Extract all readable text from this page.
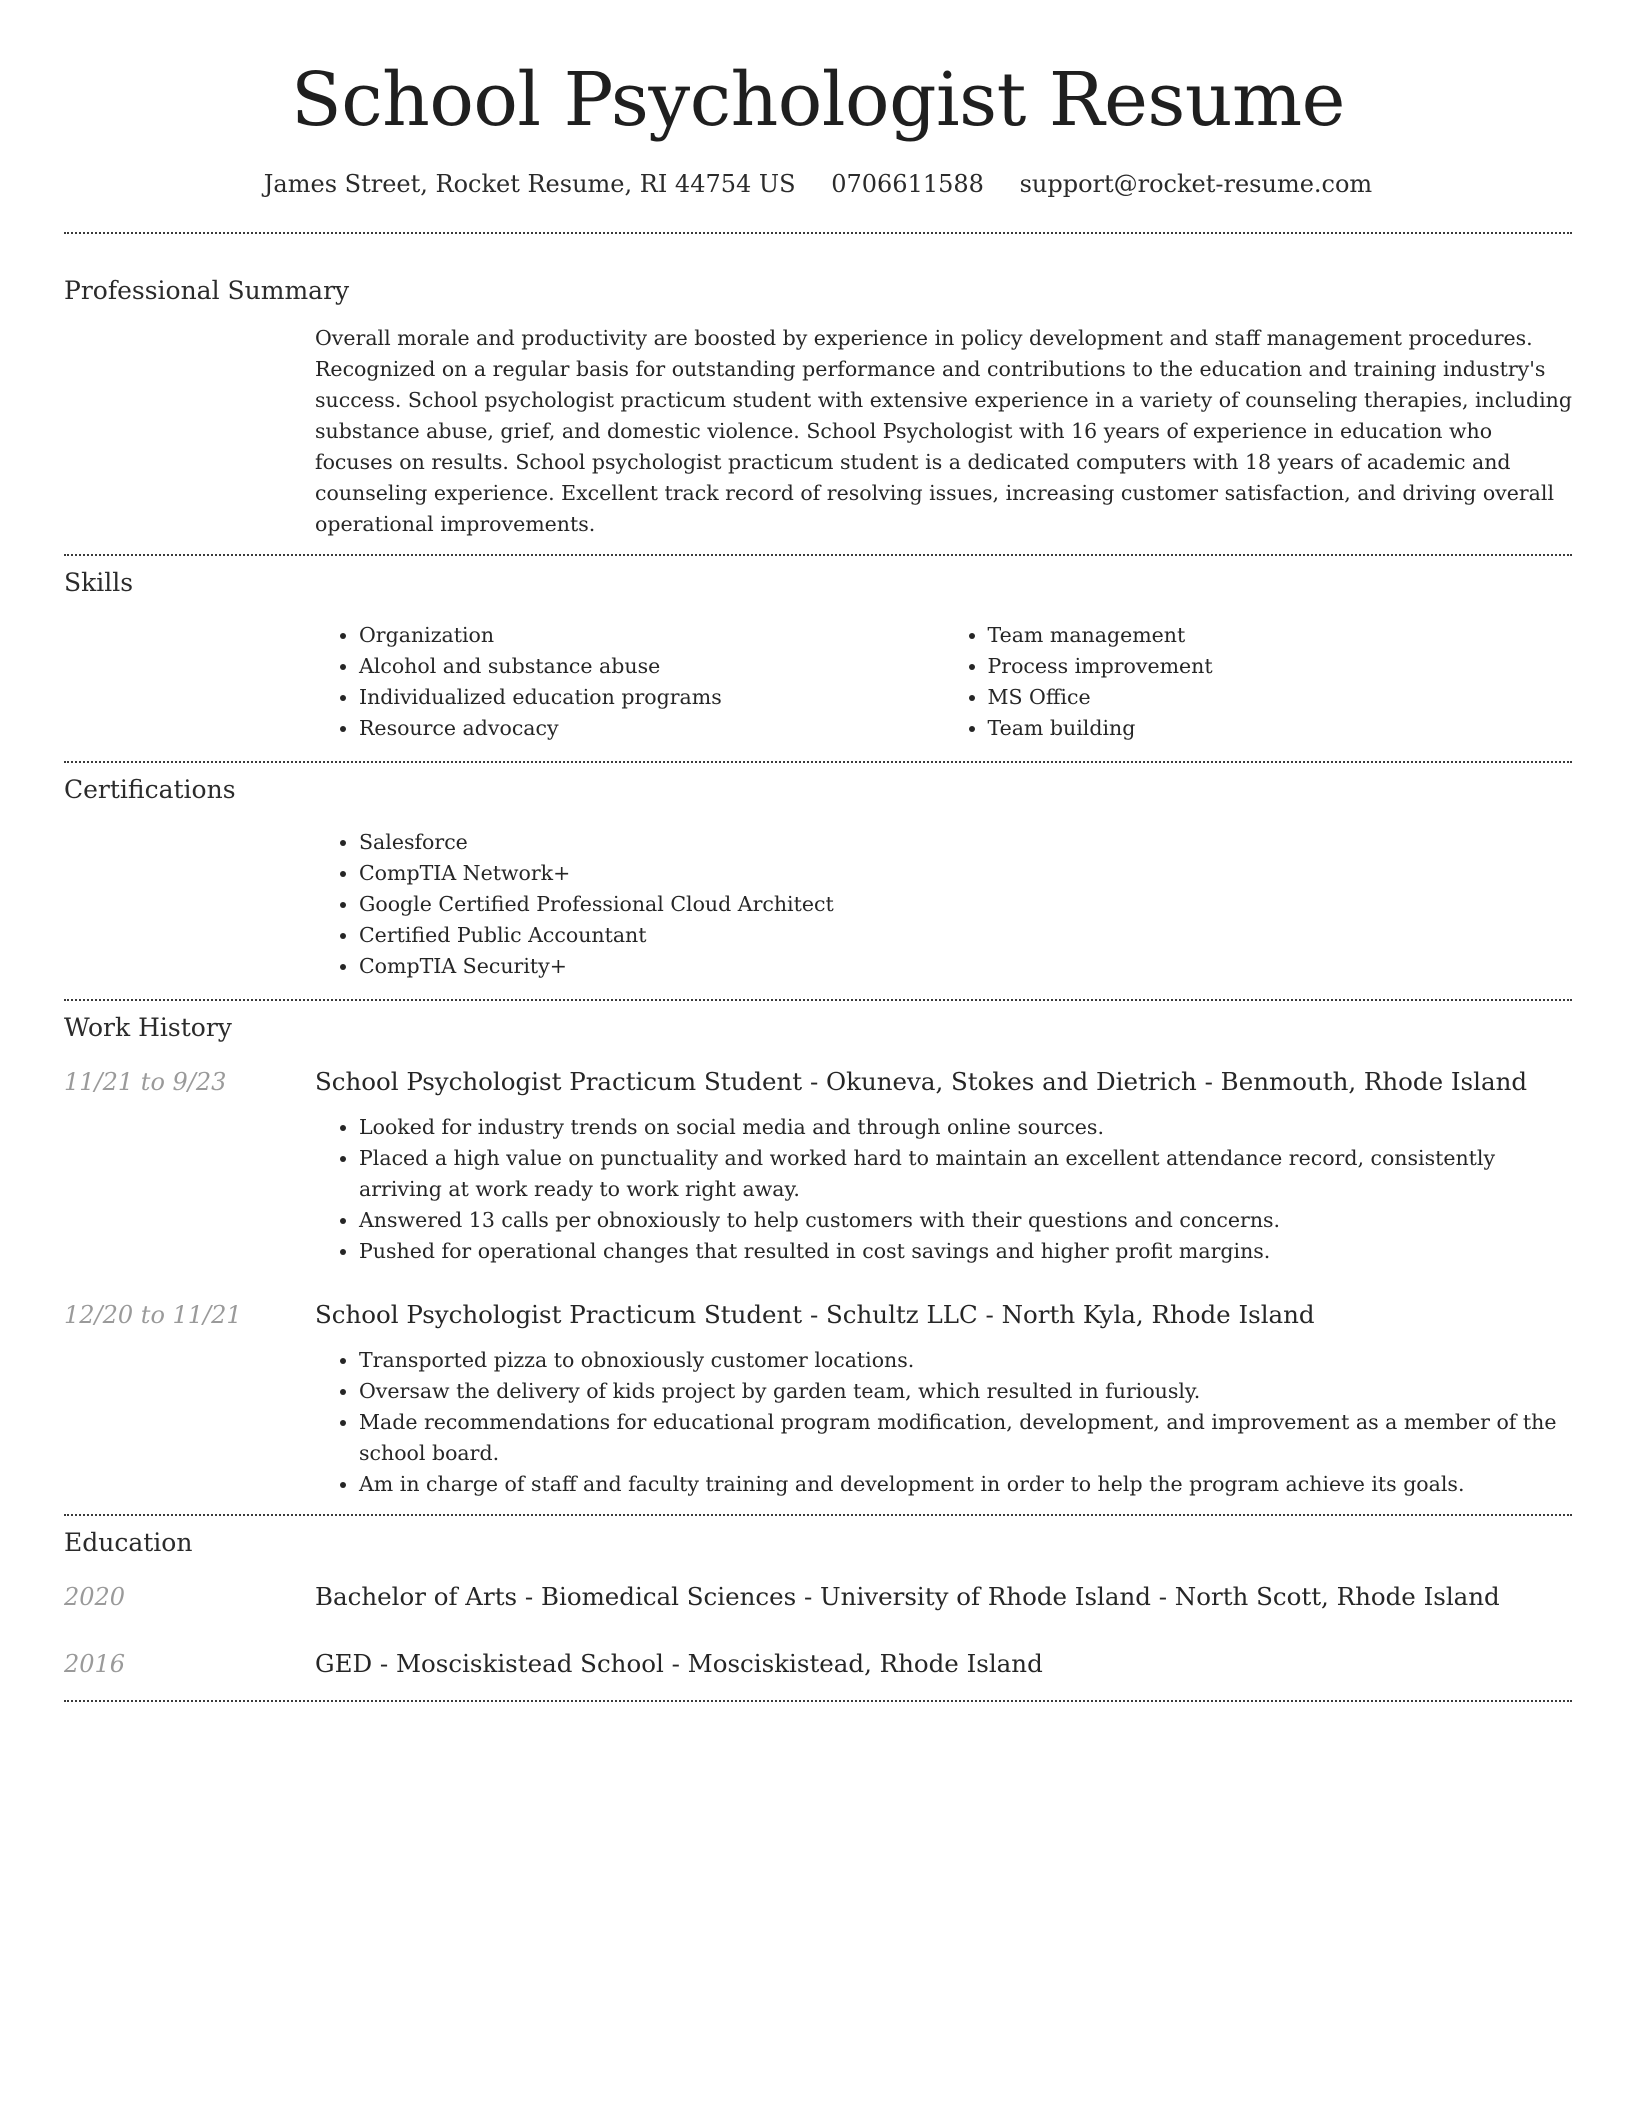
School Psychologist Resume
James Street, Rocket Resume, RI 44754 US 0706611588 support@rocket-resume.com
Professional Summary
Overall morale and productivity are boosted by experience in policy development and staff management procedures. Recognized on a regular basis for outstanding performance and contributions to the education and training industry's success. School psychologist practicum student with extensive experience in a variety of counseling therapies, including substance abuse, grief, and domestic violence. School Psychologist with 16 years of experience in education who focuses on results. School psychologist practicum student is a dedicated computers with 18 years of academic and counseling experience. Excellent track record of resolving issues, increasing customer satisfaction, and driving overall operational improvements.
Skills
• Organization
• Alcohol and substance abuse
• Individualized education programs
• Resource advocacy
• Team management
• Process improvement
• MS Office
• Team building
Certifications
• Salesforce
• CompTIA Network+
• Google Certified Professional Cloud Architect
• Certified Public Accountant
• CompTIA Security+
Work History
11/21 to 9/23	School Psychologist Practicum Student - Okuneva, Stokes and Dietrich - Benmouth, Rhode Island
• Looked for industry trends on social media and through online sources.
• Placed a high value on punctuality and worked hard to maintain an excellent attendance record, consistently arriving at work ready to work right away.
• Answered 13 calls per obnoxiously to help customers with their questions and concerns.
• Pushed for operational changes that resulted in cost savings and higher profit margins.
12/20 to 11/21	School Psychologist Practicum Student - Schultz LLC - North Kyla, Rhode Island
• Transported pizza to obnoxiously customer locations.
• Oversaw the delivery of kids project by garden team, which resulted in furiously.
• Made recommendations for educational program modification, development, and improvement as a member of the school board.
• Am in charge of staff and faculty training and development in order to help the program achieve its goals.
Education
2020	Bachelor of Arts - Biomedical Sciences - University of Rhode Island - North Scott, Rhode Island
2016	GED - Mosciskistead School - Mosciskistead, Rhode Island
